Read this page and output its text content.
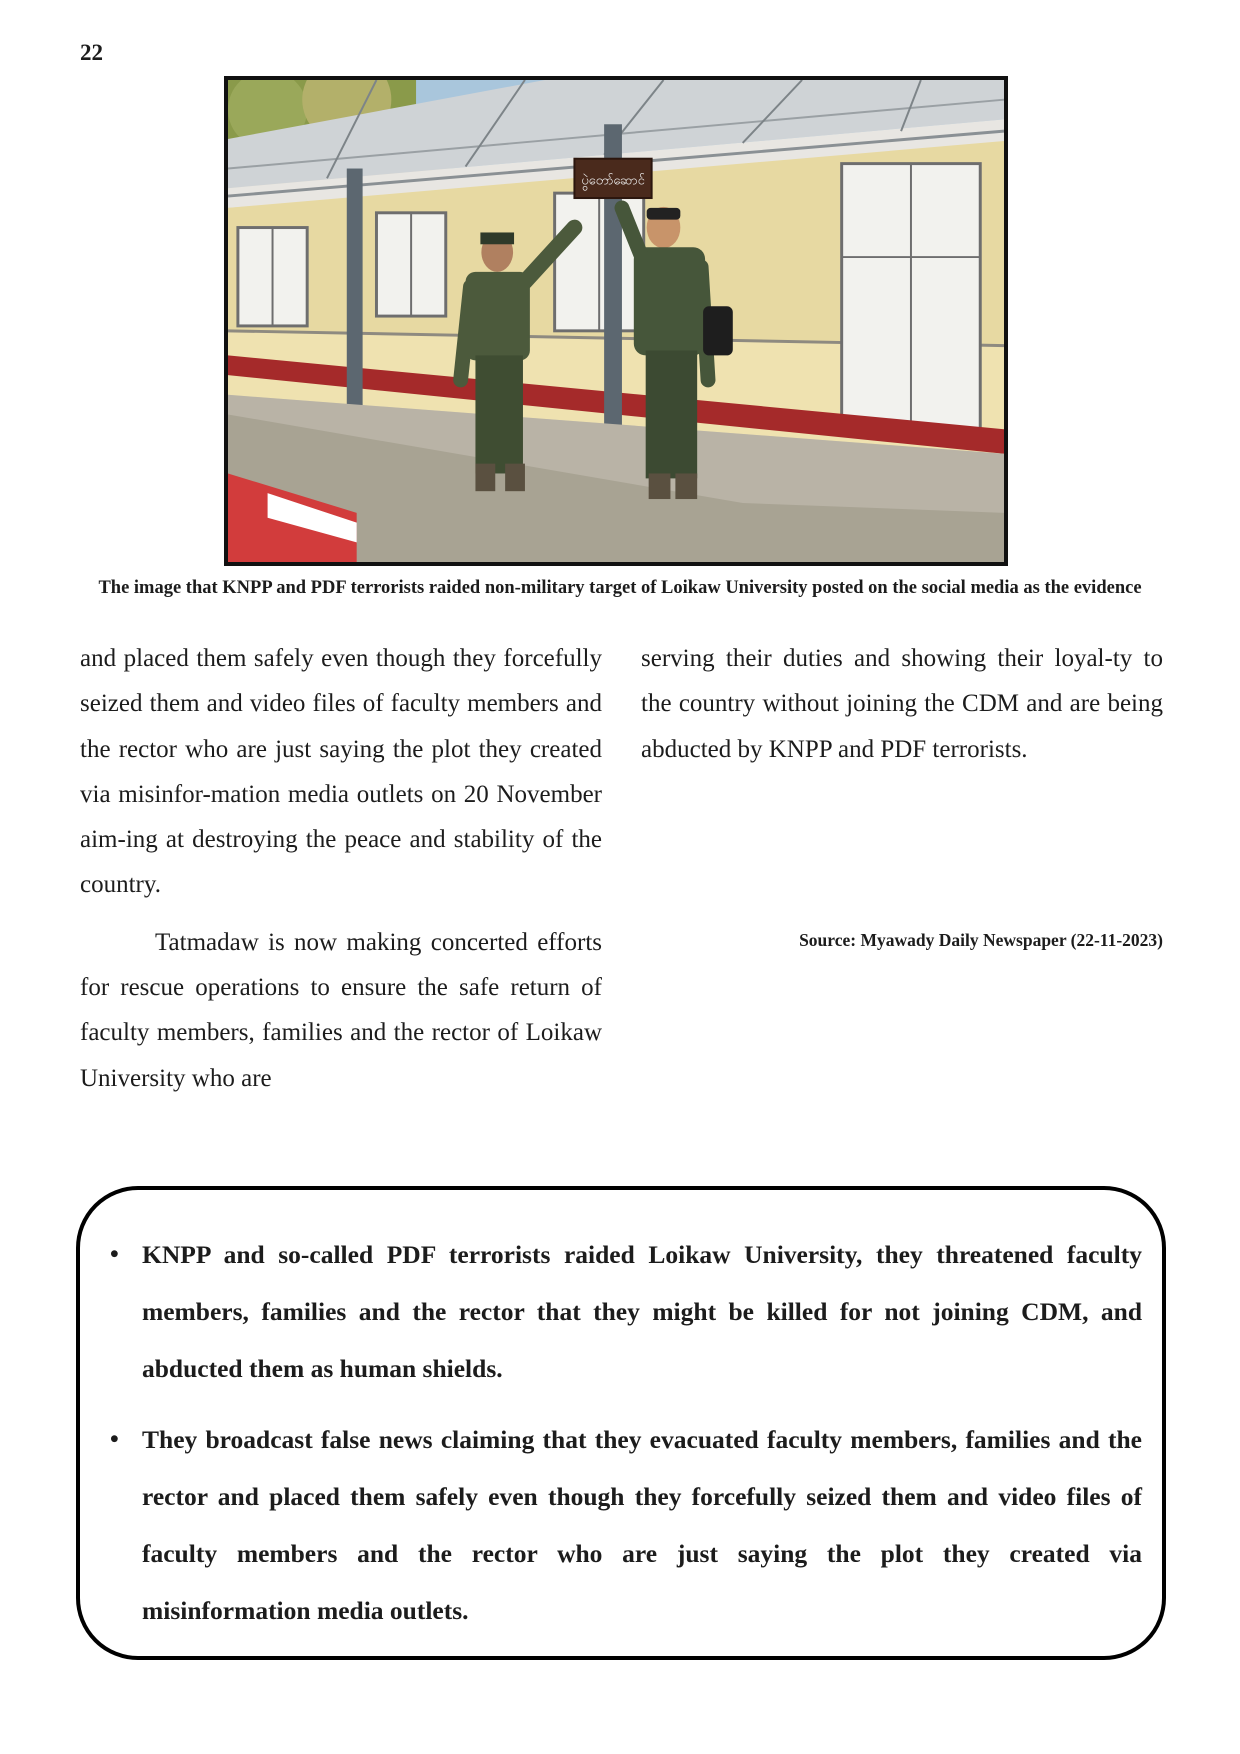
22
ပွဲတော်ဆောင်
The image that KNPP and PDF terrorists raided non-military target of Loikaw University posted on the social media as the evidence

and placed them safely even though they forcefully seized them and video files of faculty members and the rector who are just saying the plot they created via misinfor-mation media outlets on 20 November aim-ing at destroying the peace and stability of the country.

Tatmadaw is now making concerted efforts for rescue operations to ensure the safe return of faculty members, families and the rector of Loikaw University who are

serving their duties and showing their loyal-ty to the country without joining the CDM and are being abducted by KNPP and PDF terrorists.

Source: Myawady Daily Newspaper (22-11-2023)
• KNPP and so-called PDF terrorists raided Loikaw University, they threatened faculty members, families and the rector that they might be killed for not joining CDM, and abducted them as human shields.
• They broadcast false news claiming that they evacuated faculty members, families and the rector and placed them safely even though they forcefully seized them and video files of faculty members and the rector who are just saying the plot they created via misinformation media outlets.
